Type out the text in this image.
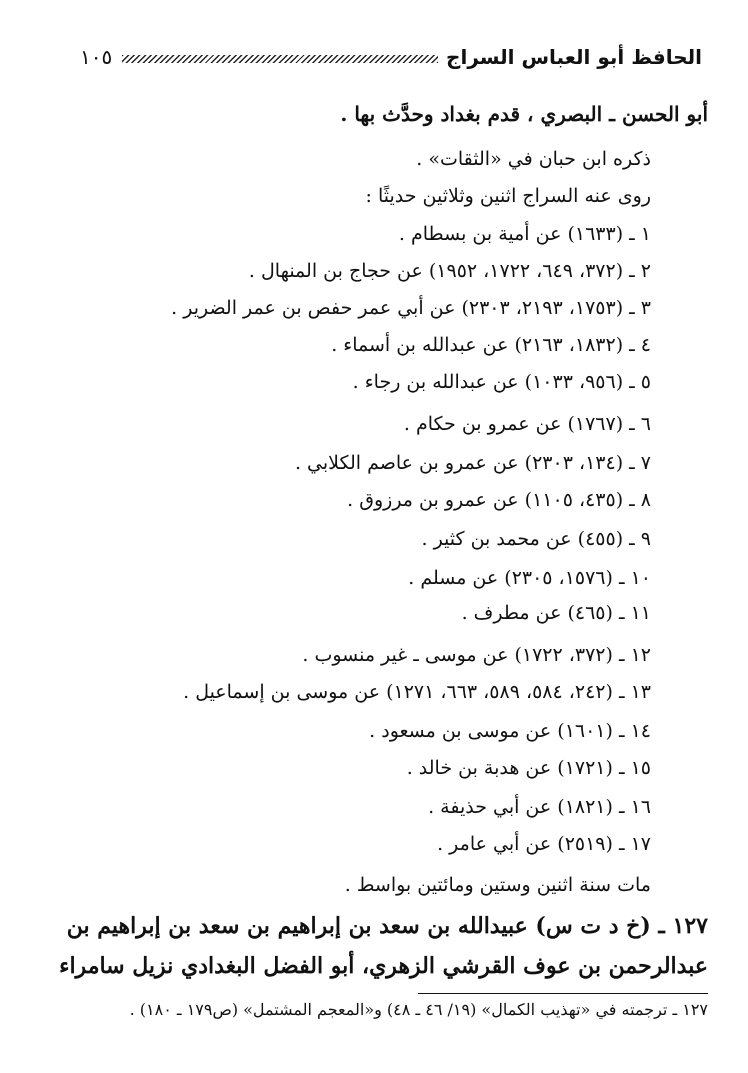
الحافظ أبو العباس السراج
١٠٥
أبو الحسن ـ البصري ، قدم بغداد وحدَّث بها .
ذكره ابن حبان في «الثقات» .
روى عنه السراج اثنين وثلاثين حديثًا :
١ ـ (١٦٣٣) عن أمية بن بسطام .
٢ ـ (٣٧٢، ٦٤٩، ١٧٢٢، ١٩٥٢) عن حجاج بن المنهال .
٣ ـ (١٧٥٣، ٢١٩٣، ٢٣٠٣) عن أبي عمر حفص بن عمر الضرير .
٤ ـ (١٨٣٢، ٢١٦٣) عن عبدالله بن أسماء .
٥ ـ (٩٥٦، ١٠٣٣) عن عبدالله بن رجاء .
٦ ـ (١٧٦٧) عن عمرو بن حكام .
٧ ـ (١٣٤، ٢٣٠٣) عن عمرو بن عاصم الكلابي .
٨ ـ (٤٣٥، ١١٠٥) عن عمرو بن مرزوق .
٩ ـ (٤٥٥) عن محمد بن كثير .
١٠ ـ (١٥٧٦، ٢٣٠٥) عن مسلم .
١١ ـ (٤٦٥) عن مطرف .
١٢ ـ (٣٧٢، ١٧٢٢) عن موسى ـ غير منسوب .
١٣ ـ (٢٤٢، ٥٨٤، ٥٨٩، ٦٦٣، ١٢٧١) عن موسى بن إسماعيل .
١٤ ـ (١٦٠١) عن موسى بن مسعود .
١٥ ـ (١٧٢١) عن هدبة بن خالد .
١٦ ـ (١٨٢١) عن أبي حذيفة .
١٧ ـ (٢٥١٩) عن أبي عامر .
مات سنة اثنين وستين ومائتين بواسط .
١٢٧ ـ (خ د ت س) عبيدالله بن سعد بن إبراهيم بن سعد بن إبراهيم بن
عبدالرحمن بن عوف القرشي الزهري، أبو الفضل البغدادي نزيل سامراء
١٢٧ ـ ترجمته في «تهذيب الكمال» (١٩/ ٤٦ ـ ٤٨) و«المعجم المشتمل» (ص١٧٩ ـ ١٨٠) .
